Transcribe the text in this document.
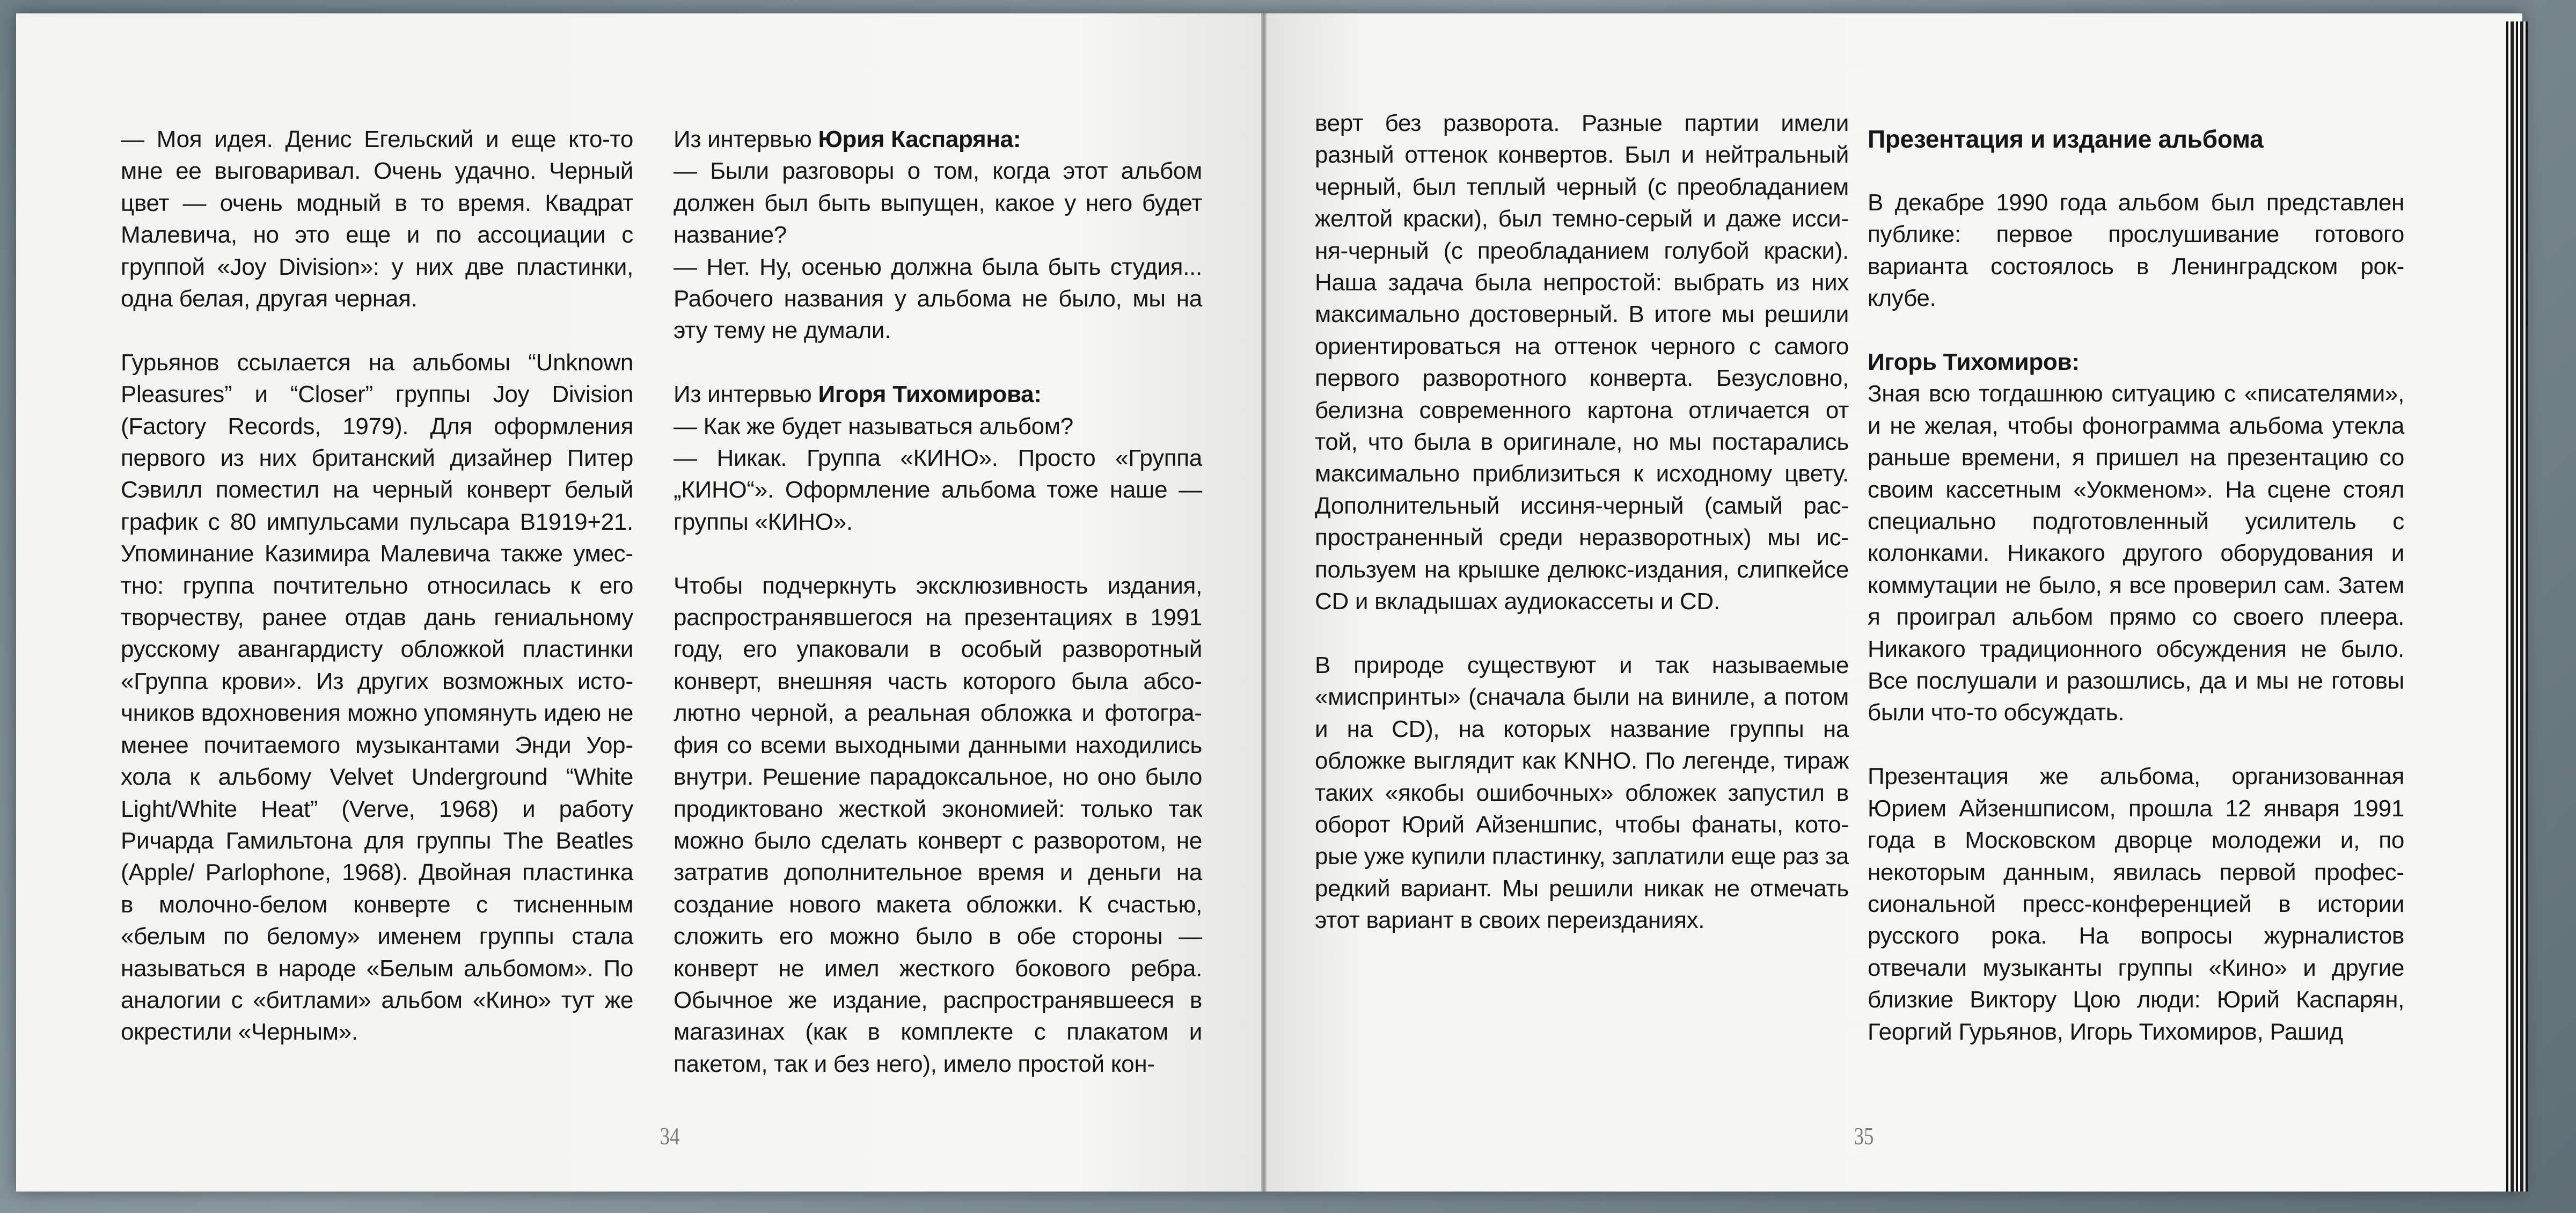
— Моя идея. Денис Егельский и еще кто-то мне ее выговаривал. Очень удачно. Черный цвет — очень модный в то время. Квадрат Малевича, но это еще и по ассоциации с группой «Joy Division»: у них две пластинки, одна белая, другая черная.

Гурьянов ссылается на альбомы “Unknown Pleasures” и “Closer” группы Joy Division (Factory Records, 1979). Для оформления первого из них британский дизайнер Питер Сэвилл поместил на черный конверт белый график с 80 импульсами пульсара B1919+21. Упоминание Казимира Малевича также уместно: группа почтительно относилась к его творчеству, ранее отдав дань гениальному русскому авангардисту обложкой пластинки «Группа крови». Из других возможных источников вдохновения можно упомянуть идею не менее почитаемого музыкантами Энди Уорхола к альбому Velvet Underground “White Light/White Heat” (Verve, 1968) и работу Ричарда Гамильтона для группы The Beatles (Apple/ Parlophone, 1968). Двойная пластинка в молочно-белом конверте с тисненным «белым по белому» именем группы стала называться в народе «Белым альбомом». По аналогии с «битлами» альбом «Кино» тут же окрестили «Черным».

Из интервью Юрия Каспаряна:

— Были разговоры о том, когда этот альбом должен был быть выпущен, какое у него будет название?

— Нет. Ну, осенью должна была быть студия... Рабочего названия у альбома не было, мы на эту тему не думали.

Из интервью Игоря Тихомирова:

— Как же будет называться альбом?

— Никак. Группа «КИНО». Просто «Группа „КИНО“». Оформление альбома тоже наше — группы «КИНО».

Чтобы подчеркнуть эксклюзивность издания, распространявшегося на презентациях в 1991 году, его упаковали в особый разворотный конверт, внешняя часть которого была абсолютно черной, а реальная обложка и фотография со всеми выходными данными находились внутри. Решение парадоксальное, но оно было продиктовано жесткой экономией: только так можно было сделать конверт с разворотом, не затратив дополнительное время и деньги на создание нового макета обложки. К счастью, сложить его можно было в обе стороны — конверт не имел жесткого бокового ребра. Обычное же издание, распространявшееся в магазинах (как в комплекте с плакатом и пакетом, так и без него), имело простой кон-

34

верт без разворота. Разные партии имели разный оттенок конвертов. Был и нейтральный черный, был теплый черный (с преобладанием желтой краски), был темно-серый и даже иссиня-черный (с преобладанием голубой краски). Наша задача была непростой: выбрать из них максимально достоверный. В итоге мы решили ориентироваться на оттенок черного с самого первого разворотного конверта. Безусловно, белизна современного картона отличается от той, что была в оригинале, но мы постарались максимально приблизиться к исходному цвету. Дополнительный иссиня-черный (самый распространенный среди неразворотных) мы используем на крышке делюкс-издания, слипкейсе CD и вкладышах аудиокассеты и CD.

В природе существуют и так называемые «миспринты» (сначала были на виниле, а потом и на CD), на которых название группы на обложке выглядит как KNHO. По легенде, тираж таких «якобы ошибочных» обложек запустил в оборот Юрий Айзеншпис, чтобы фанаты, которые уже купили пластинку, заплатили еще раз за редкий вариант. Мы решили никак не отмечать этот вариант в своих переизданиях.

Презентация и издание альбома

В декабре 1990 года альбом был представлен публике: первое прослушивание готового варианта состоялось в Ленинградском рок-клубе.

Игорь Тихомиров:

Зная всю тогдашнюю ситуацию с «писателями», и не желая, чтобы фонограмма альбома утекла раньше времени, я пришел на презентацию со своим кассетным «Уокменом». На сцене стоял специально подготовленный усилитель с колонками. Никакого другого оборудования и коммутации не было, я все проверил сам. Затем я проиграл альбом прямо со своего плеера. Никакого традиционного обсуждения не было. Все послушали и разошлись, да и мы не готовы были что-то обсуждать.

Презентация же альбома, организованная Юрием Айзеншписом, прошла 12 января 1991 года в Московском дворце молодежи и, по некоторым данным, явилась первой профессиональной пресс-конференцией в истории русского рока. На вопросы журналистов отвечали музыканты группы «Кино» и другие близкие Виктору Цою люди: Юрий Каспарян, Георгий Гурьянов, Игорь Тихомиров, Рашид

35
